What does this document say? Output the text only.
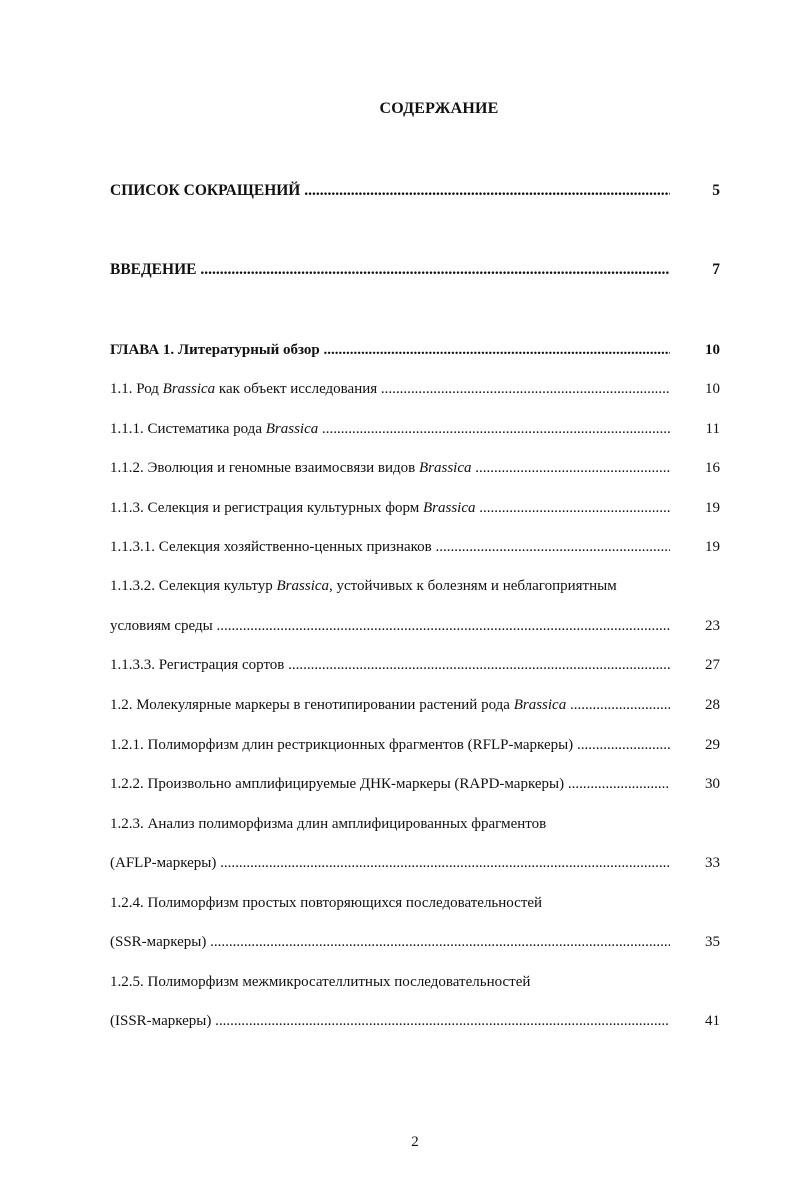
СОДЕРЖАНИЕ
СПИСОК СОКРАЩЕНИЙ .....	5
ВВЕДЕНИЕ .....	7
ГЛАВА 1. Литературный обзор .....	10
1.1. Род Brassica как объект исследования .....	10
1.1.1. Систематика рода Brassica .....	11
1.1.2. Эволюция и геномные взаимосвязи видов Brassica .....	16
1.1.3. Селекция и регистрация культурных форм Brassica .....	19
1.1.3.1. Селекция хозяйственно-ценных признаков .....	19
1.1.3.2. Селекция культур Brassica, устойчивых к болезням и неблагоприятным
условиям среды .....	23
1.1.3.3. Регистрация сортов .....	27
1.2. Молекулярные маркеры в генотипировании растений рода Brassica .....	28
1.2.1. Полиморфизм длин рестрикционных фрагментов (RFLP-маркеры) .....	29
1.2.2. Произвольно амплифицируемые ДНК-маркеры (RAPD-маркеры) .....	30
1.2.3. Анализ полиморфизма длин амплифицированных фрагментов
(AFLP-маркеры) .....	33
1.2.4. Полиморфизм простых повторяющихся последовательностей
(SSR-маркеры) .....	35
1.2.5. Полиморфизм межмикросателлитных последовательностей
(ISSR-маркеры) .....	41
2
